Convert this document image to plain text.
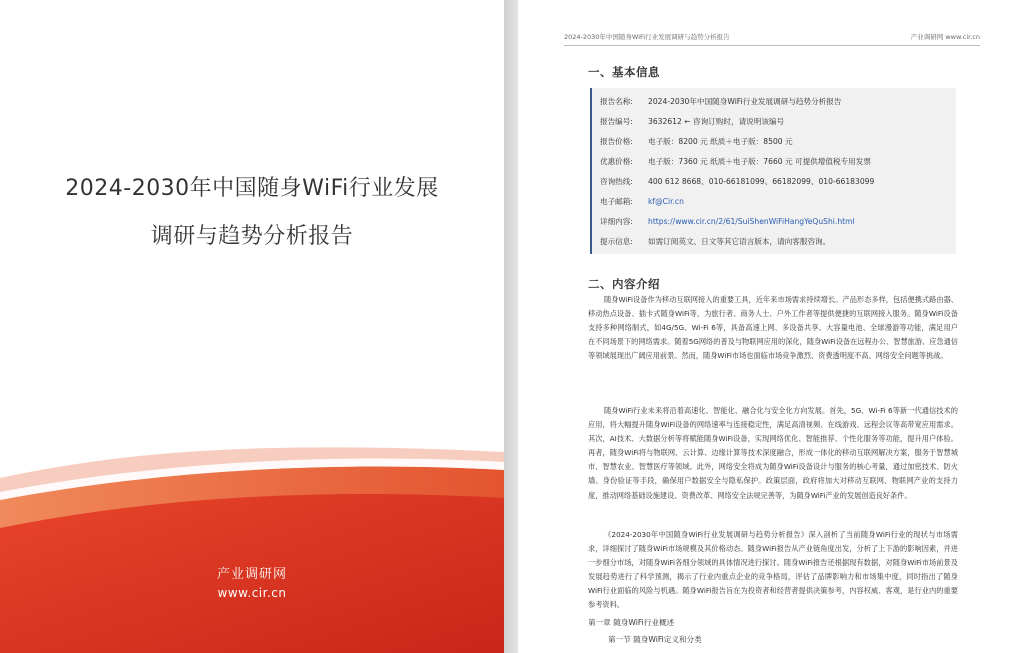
2024-2030年中国随身WiFi行业发展
调研与趋势分析报告
产业调研网
www.cir.cn
2024-2030年中国随身WiFi行业发展调研与趋势分析报告	产业调研网 www.cir.cn
一、基本信息
报告名称: 2024-2030年中国随身WiFi行业发展调研与趋势分析报告
报告编号: 3632612 ← 咨询订购时，请说明该编号
报告价格: 电子版：8200 元 纸质＋电子版：8500 元
优惠价格: 电子版：7360 元 纸质＋电子版：7660 元 可提供增值税专用发票
咨询热线: 400 612 8668、010-66181099、66182099、010-66183099
电子邮箱: kf@Cir.cn
详细内容: https://www.cir.cn/2/61/SuiShenWiFiHangYeQuShi.html
提示信息: 如需订阅英文、日文等其它语言版本，请向客服咨询。
二、内容介绍

随身WiFi设备作为移动互联网接入的重要工具，近年来市场需求持续增长。产品形态多样，包括便携式路由器、移动热点设备、插卡式随身WiFi等，为旅行者、商务人士、户外工作者等提供便捷的互联网接入服务。随身WiFi设备支持多种网络制式，如4G/5G、Wi-Fi 6等，具备高速上网、多设备共享、大容量电池、全球漫游等功能，满足用户在不同场景下的网络需求。随着5G网络的普及与物联网应用的深化，随身WiFi设备在远程办公、智慧旅游、应急通信等领域展现出广阔应用前景。然而，随身WiFi市场也面临市场竞争激烈、资费透明度不高、网络安全问题等挑战。

随身WiFi行业未来将沿着高速化、智能化、融合化与安全化方向发展。首先，5G、Wi-Fi 6等新一代通信技术的应用，将大幅提升随身WiFi设备的网络速率与连接稳定性，满足高清视频、在线游戏、远程会议等高带宽应用需求。其次，AI技术、大数据分析等将赋能随身WiFi设备，实现网络优化、智能推荐、个性化服务等功能，提升用户体验。再者，随身WiFi将与物联网、云计算、边缘计算等技术深度融合，形成一体化的移动互联网解决方案，服务于智慧城市、智慧农业、智慧医疗等领域。此外，网络安全将成为随身WiFi设备设计与服务的核心考量，通过加密技术、防火墙、身份验证等手段，确保用户数据安全与隐私保护。政策层面，政府将加大对移动互联网、物联网产业的支持力度，推动网络基础设施建设、资费改革、网络安全法规完善等，为随身WiFi产业的发展创造良好条件。

《2024-2030年中国随身WiFi行业发展调研与趋势分析报告》深入剖析了当前随身WiFi行业的现状与市场需求，详细探讨了随身WiFi市场规模及其价格动态。随身WiFi报告从产业链角度出发，分析了上下游的影响因素，并进一步细分市场，对随身WiFi各细分领域的具体情况进行探讨。随身WiFi报告还根据现有数据，对随身WiFi市场前景及发展趋势进行了科学预测，揭示了行业内重点企业的竞争格局，评估了品牌影响力和市场集中度，同时指出了随身WiFi行业面临的风险与机遇。随身WiFi报告旨在为投资者和经营者提供决策参考，内容权威、客观，是行业内的重要参考资料。

第一章 随身WiFi行业概述
第一节 随身WiFi定义和分类
